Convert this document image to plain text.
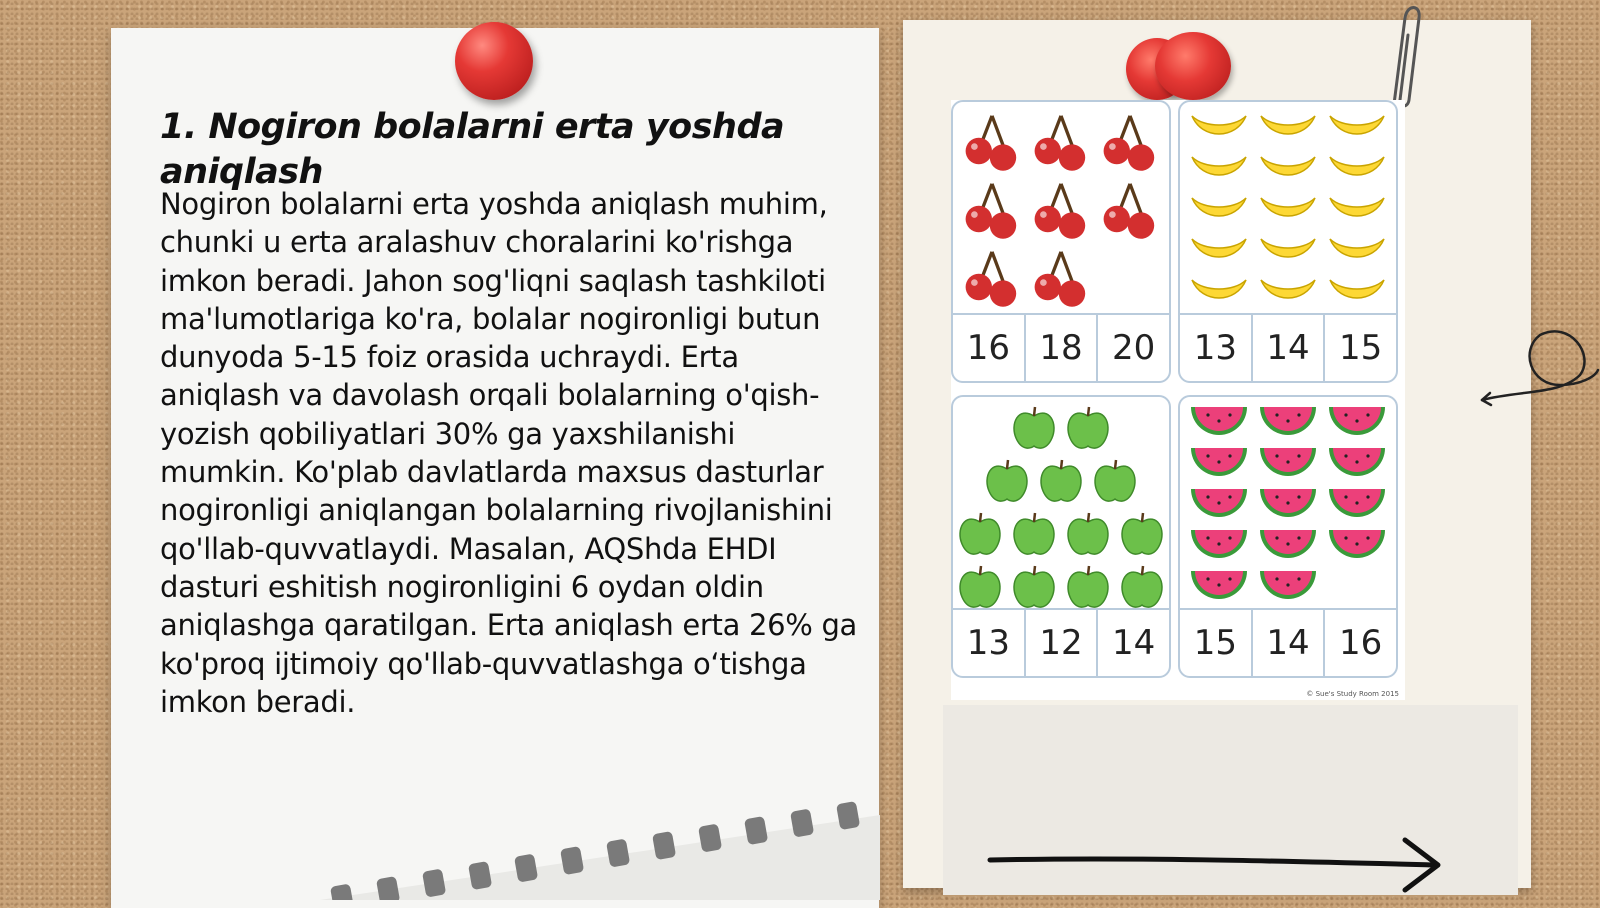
1. Nogiron bolalarni erta yoshda aniqlash

Nogiron bolalarni erta yoshda aniqlash muhim, chunki u erta aralashuv choralarini ko'rishga imkon beradi. Jahon sog'liqni saqlash tashkiloti ma'lumotlariga ko'ra, bolalar nogironligi butun dunyoda 5-15 foiz orasida uchraydi. Erta aniqlash va davolash orqali bolalarning o'qish-yozish qobiliyatlari 30% ga yaxshilanishi mumkin. Ko'plab davlatlarda maxsus dasturlar nogironligi aniqlangan bolalarning rivojlanishini qo'llab-quvvatlaydi. Masalan, AQShda EHDI dasturi eshitish nogironligini 6 oydan oldin aniqlashga qaratilgan. Erta aniqlash erta 26% ga ko'proq ijtimoiy qo'llab-quvvatlashga o‘tishga imkon beradi.

16 18 20	13 14 15
13 12 14	15 14 16
© Sue's Study Room 2015
